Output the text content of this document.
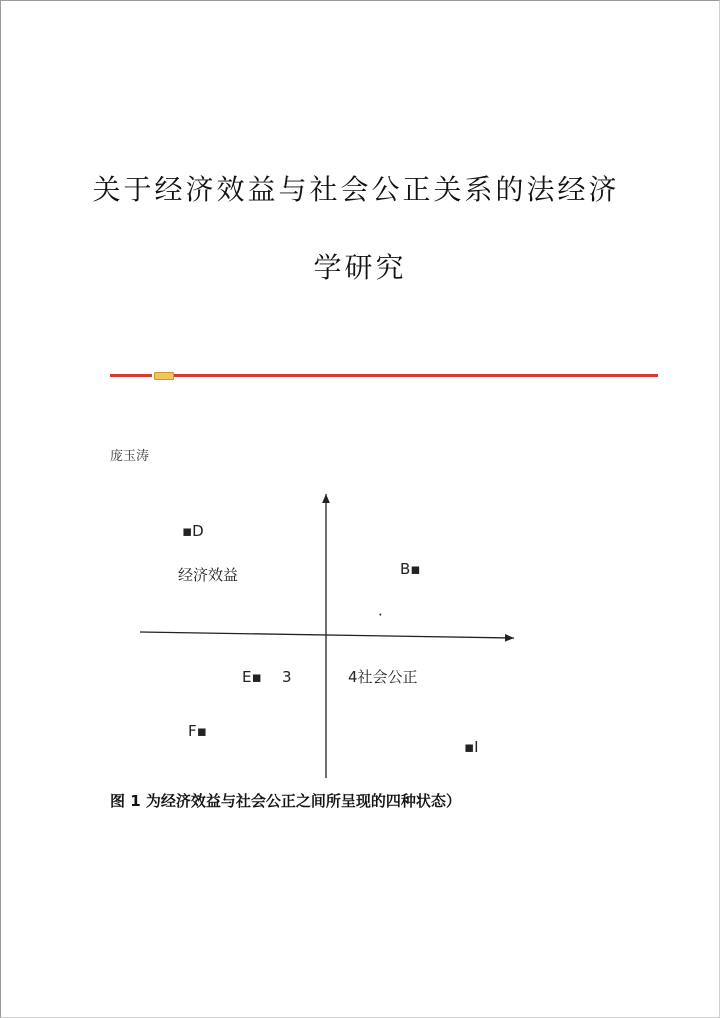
关于经济效益与社会公正关系的法经济
学研究
庞玉涛
▪D
经济效益	B▪
·
E▪ 3	4社会公正
F▪
▪I
图 1 为经济效益与社会公正之间所呈现的四种状态）
